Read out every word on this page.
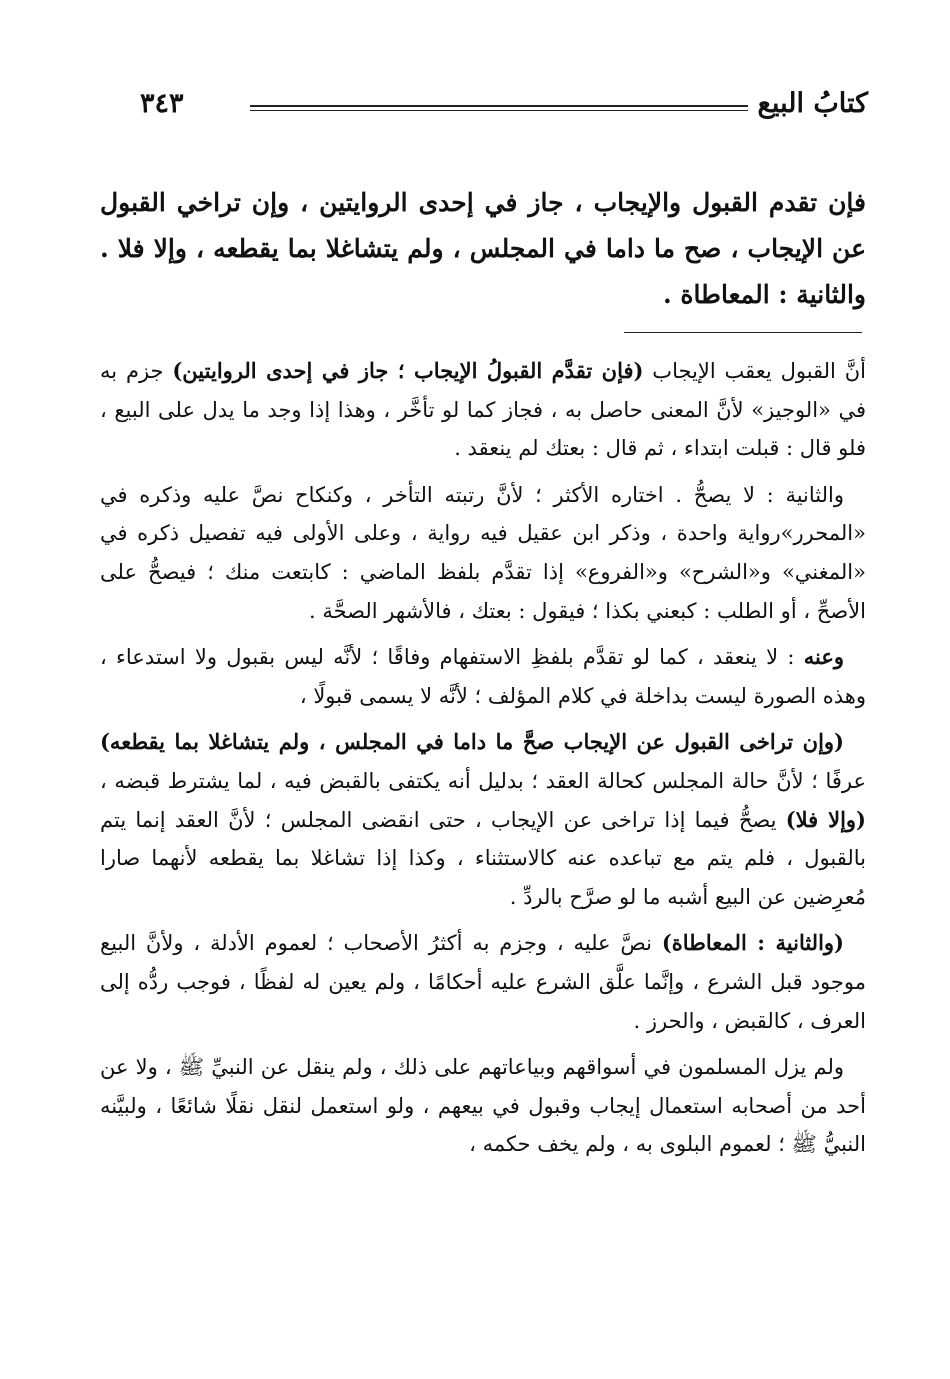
كتابُ البيع
٣٤٣
فإن تقدم القبول والإيجاب ، جاز في إحدى الروايتين ، وإن تراخي القبول عن الإيجاب ، صح ما داما في المجلس ، ولم يتشاغلا بما يقطعه ، وإلا فلا . والثانية : المعاطاة .

أنَّ القبول يعقب الإيجاب (فإن تقدَّم القبولُ الإيجاب ؛ جاز في إحدى الروايتين) جزم به في «الوجيز» لأنَّ المعنى حاصل به ، فجاز كما لو تأخَّر ، وهذا إذا وجد ما يدل على البيع ، فلو قال : قبلت ابتداء ، ثم قال : بعتك لم ينعقد .

والثانية : لا يصحُّ . اختاره الأكثر ؛ لأنَّ رتبته التأخر ، وكنكاح نصَّ عليه وذكره في «المحرر»رواية واحدة ، وذكر ابن عقيل فيه رواية ، وعلى الأولى فيه تفصيل ذكره في «المغني» و«الشرح» و«الفروع» إذا تقدَّم بلفظ الماضي : كابتعت منك ؛ فيصحُّ على الأصحِّ ، أو الطلب : كبعني بكذا ؛ فيقول : بعتك ، فالأشهر الصحَّة .

وعنه : لا ينعقد ، كما لو تقدَّم بلفظِ الاستفهام وفاقًا ؛ لأنَّه ليس بقبول ولا استدعاء ، وهذه الصورة ليست بداخلة في كلام المؤلف ؛ لأنَّه لا يسمى قبولًا ،

(وإن تراخى القبول عن الإيجاب صحَّ ما داما في المجلس ، ولم يتشاغلا بما يقطعه) عرفًا ؛ لأنَّ حالة المجلس كحالة العقد ؛ بدليل أنه يكتفى بالقبض فيه ، لما يشترط قبضه ، (وإلا فلا) يصحُّ فيما إذا تراخى عن الإيجاب ، حتى انقضى المجلس ؛ لأنَّ العقد إنما يتم بالقبول ، فلم يتم مع تباعده عنه كالاستثناء ، وكذا إذا تشاغلا بما يقطعه لأنهما صارا مُعرِضين عن البيع أشبه ما لو صرَّح بالردِّ .

(والثانية : المعاطاة) نصَّ عليه ، وجزم به أكثرُ الأصحاب ؛ لعموم الأدلة ، ولأنَّ البيع موجود قبل الشرع ، وإنَّما علَّق الشرع عليه أحكامًا ، ولم يعين له لفظًا ، فوجب ردُّه إلى العرف ، كالقبض ، والحرز .

ولم يزل المسلمون في أسواقهم وبياعاتهم على ذلك ، ولم ينقل عن النبيِّ ﷺ ، ولا عن أحد من أصحابه استعمال إيجاب وقبول في بيعهم ، ولو استعمل لنقل نقلًا شائعًا ، ولبيَّنه النبيُّ ﷺ ؛ لعموم البلوى به ، ولم يخف حكمه ،
